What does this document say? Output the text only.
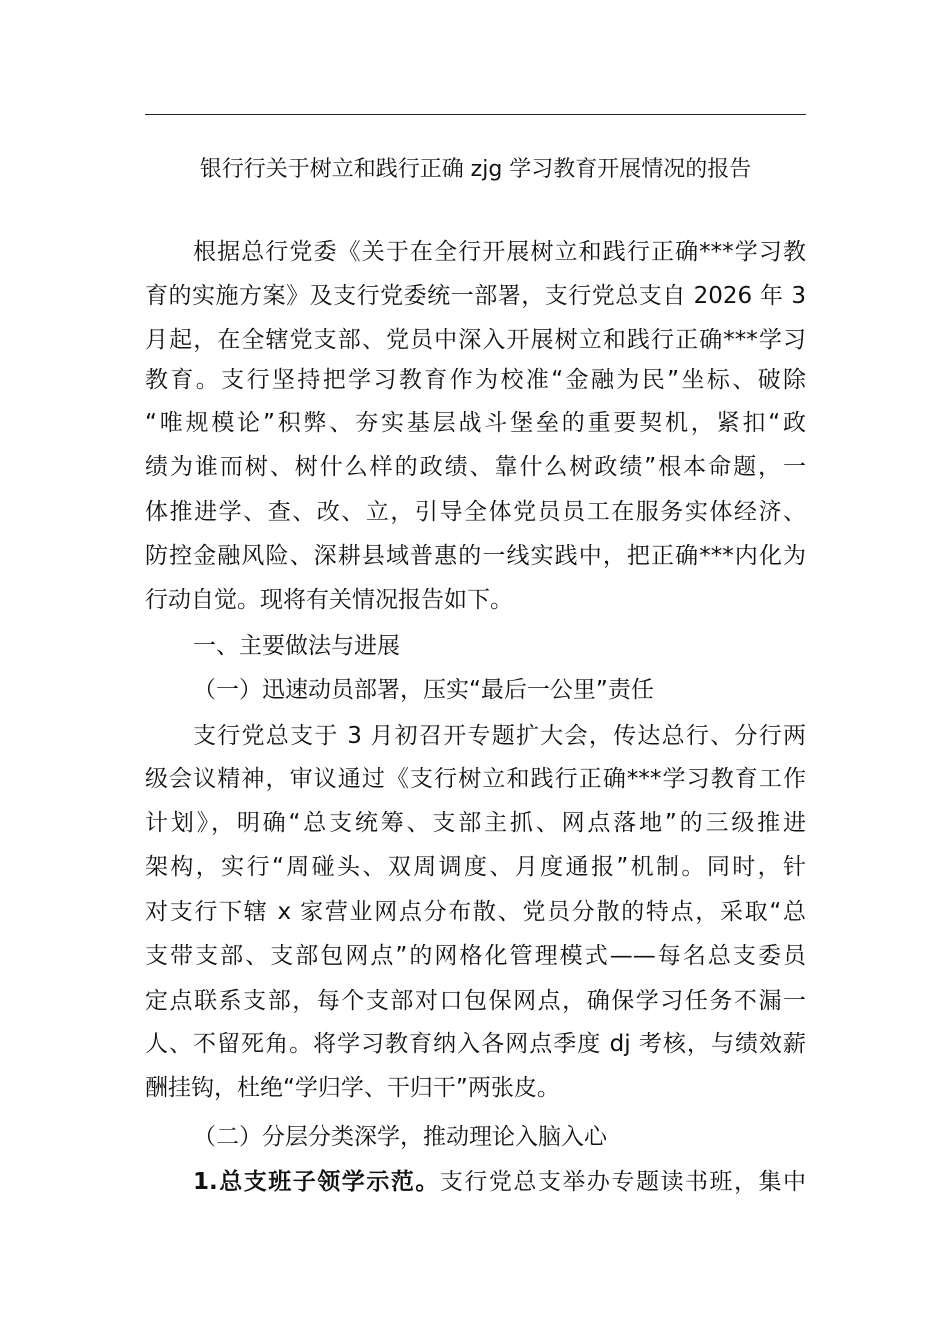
银行行关于树立和践行正确 zjg 学习教育开展情况的报告
根据总行党委《关于在全行开展树立和践行正确***学习教
育的实施方案》及支行党委统一部署，支行党总支自 2026 年 3
月起，在全辖党支部、党员中深入开展树立和践行正确***学习
教育。支行坚持把学习教育作为校准“金融为民”坐标、破除
“唯规模论”积弊、夯实基层战斗堡垒的重要契机，紧扣“政
绩为谁而树、树什么样的政绩、靠什么树政绩”根本命题，一
体推进学、查、改、立，引导全体党员员工在服务实体经济、
防控金融风险、深耕县域普惠的一线实践中，把正确***内化为
行动自觉。现将有关情况报告如下。
一、主要做法与进展
（一）迅速动员部署，压实“最后一公里”责任
支行党总支于 3 月初召开专题扩大会，传达总行、分行两
级会议精神，审议通过《支行树立和践行正确***学习教育工作
计划》，明确“总支统筹、支部主抓、网点落地”的三级推进
架构，实行“周碰头、双周调度、月度通报”机制。同时，针
对支行下辖 x 家营业网点分布散、党员分散的特点，采取“总
支带支部、支部包网点”的网格化管理模式——每名总支委员
定点联系支部，每个支部对口包保网点，确保学习任务不漏一
人、不留死角。将学习教育纳入各网点季度 dj 考核，与绩效薪
酬挂钩，杜绝“学归学、干归干”两张皮。
（二）分层分类深学，推动理论入脑入心
1.总支班子领学示范。支行党总支举办专题读书班，集中
